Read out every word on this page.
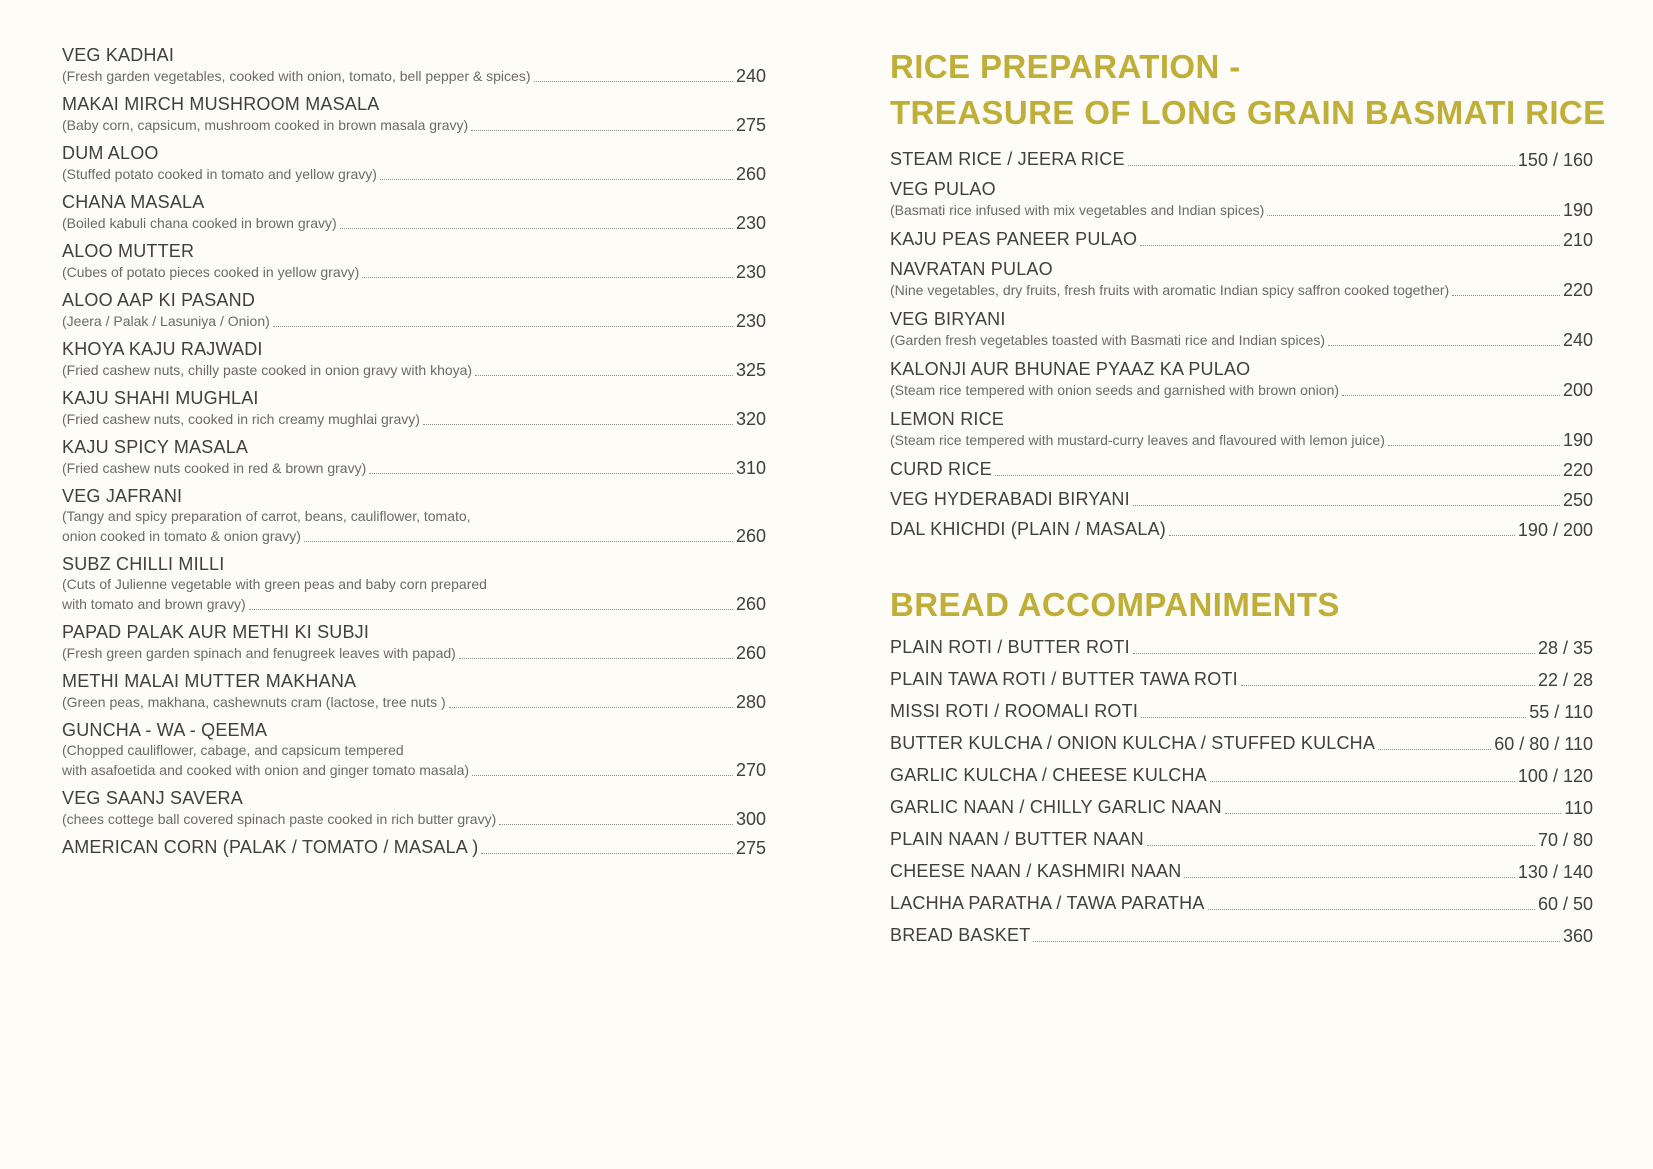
VEG KADHAI
(Fresh garden vegetables, cooked with onion, tomato, bell pepper & spices)	240
MAKAI MIRCH MUSHROOM MASALA
(Baby corn, capsicum, mushroom cooked in brown masala gravy)	275
DUM ALOO
(Stuffed potato cooked in tomato and yellow gravy)	260
CHANA MASALA
(Boiled kabuli chana cooked in brown gravy)	230
ALOO MUTTER
(Cubes of potato pieces cooked in yellow gravy)	230
ALOO AAP KI PASAND
(Jeera / Palak / Lasuniya / Onion)	230
KHOYA KAJU RAJWADI
(Fried cashew nuts, chilly paste cooked in onion gravy with khoya)	325
KAJU SHAHI MUGHLAI
(Fried cashew nuts, cooked in rich creamy mughlai gravy)	320
KAJU SPICY MASALA
(Fried cashew nuts cooked in red & brown gravy)	310
VEG JAFRANI
(Tangy and spicy preparation of carrot, beans, cauliflower, tomato,
onion cooked in tomato & onion gravy)	260
SUBZ CHILLI MILLI
(Cuts of Julienne vegetable with green peas and baby corn prepared
with tomato and brown gravy)	260
PAPAD PALAK AUR METHI KI SUBJI
(Fresh green garden spinach and fenugreek leaves with papad)	260
METHI MALAI MUTTER MAKHANA
(Green peas, makhana, cashewnuts cram (lactose, tree nuts )	280
GUNCHA - WA - QEEMA
(Chopped cauliflower, cabage, and capsicum tempered
with asafoetida and cooked with onion and ginger tomato masala)	270
VEG SAANJ SAVERA
(chees cottege ball covered spinach paste cooked in rich butter gravy)	300
AMERICAN CORN (PALAK / TOMATO / MASALA )	275
RICE PREPARATION -
TREASURE OF LONG GRAIN BASMATI RICE
STEAM RICE / JEERA RICE	150 / 160
VEG PULAO
(Basmati rice infused with mix vegetables and Indian spices)	190
KAJU PEAS PANEER PULAO	210
NAVRATAN PULAO
(Nine vegetables, dry fruits, fresh fruits with aromatic Indian spicy saffron cooked together)	220
VEG BIRYANI
(Garden fresh vegetables toasted with Basmati rice and Indian spices)	240
KALONJI AUR BHUNAE PYAAZ KA PULAO
(Steam rice tempered with onion seeds and garnished with brown onion)	200
LEMON RICE
(Steam rice tempered with mustard-curry leaves and flavoured with lemon juice)	190
CURD RICE	220
VEG HYDERABADI BIRYANI	250
DAL KHICHDI (PLAIN / MASALA)	190 / 200
BREAD ACCOMPANIMENTS
PLAIN ROTI / BUTTER ROTI	28 / 35
PLAIN TAWA ROTI / BUTTER TAWA ROTI	22 / 28
MISSI ROTI / ROOMALI ROTI	55 / 110
BUTTER KULCHA / ONION KULCHA / STUFFED KULCHA	60 / 80 / 110
GARLIC KULCHA / CHEESE KULCHA	100 / 120
GARLIC NAAN / CHILLY GARLIC NAAN	110
PLAIN NAAN / BUTTER NAAN	70 / 80
CHEESE NAAN / KASHMIRI NAAN	130 / 140
LACHHA PARATHA / TAWA PARATHA	60 / 50
BREAD BASKET	360
